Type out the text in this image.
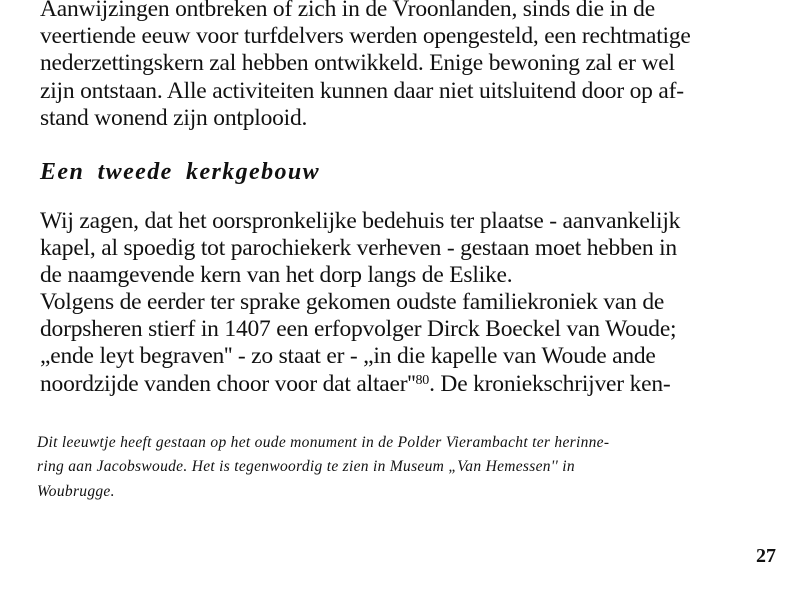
Aanwijzingen ontbreken of zich in de Vroonlanden, sinds die in de
veertiende eeuw voor turfdelvers werden opengesteld, een rechtmatige
nederzettingskern zal hebben ontwikkeld. Enige bewoning zal er wel
zijn ontstaan. Alle activiteiten kunnen daar niet uitsluitend door op af-
stand wonend zijn ontplooid.
Een tweede kerkgebouw
Wij zagen, dat het oorspronkelijke bedehuis ter plaatse - aanvankelijk
kapel, al spoedig tot parochiekerk verheven - gestaan moet hebben in
de naamgevende kern van het dorp langs de Eslike.
Volgens de eerder ter sprake gekomen oudste familiekroniek van de
dorpsheren stierf in 1407 een erfopvolger Dirck Boeckel van Woude;
„ende leyt begraven'' - zo staat er - „in die kapelle van Woude ande
noordzijde vanden choor voor dat $altaer''^{80}$. De kroniekschrijver ken-
Dit leeuwtje heeft gestaan op het oude monument in de Polder Vierambacht ter herinne-
ring aan Jacobswoude. Het is tegenwoordig te zien in Museum „Van Hemessen'' in
Woubrugge.
27
